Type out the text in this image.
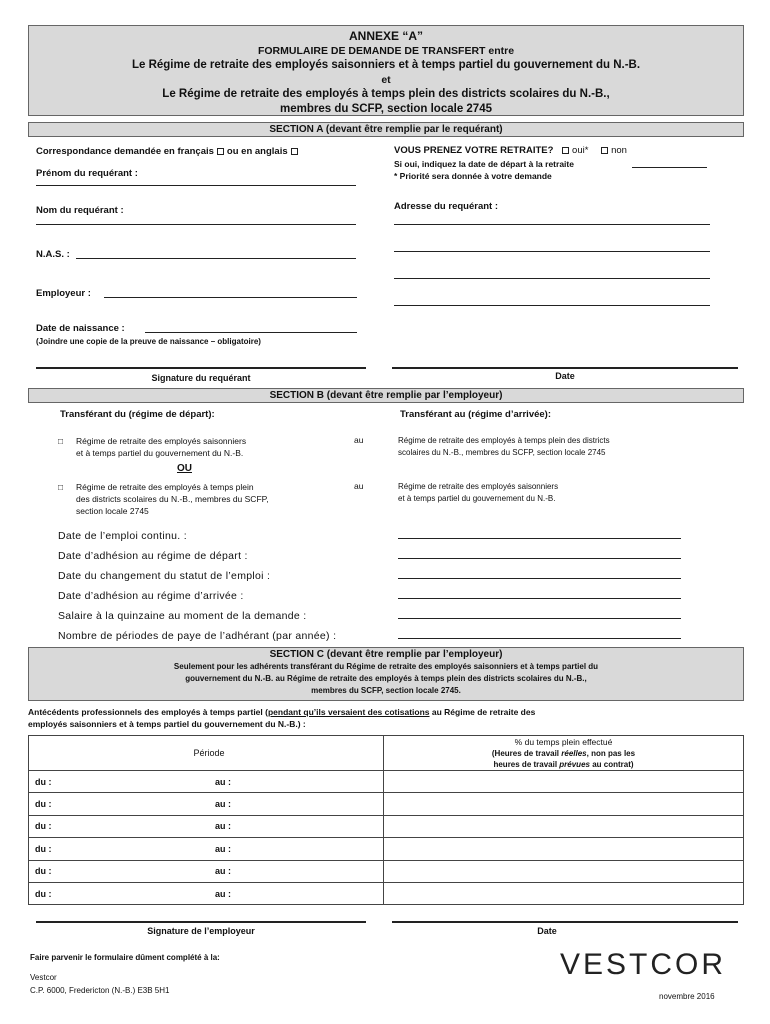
ANNEXE “A”
FORMULAIRE DE DEMANDE DE TRANSFERT entre
Le Régime de retraite des employés saisonniers et à temps partiel du gouvernement du N.-B.
et
Le Régime de retraite des employés à temps plein des districts scolaires du N.-B.,
membres du SCFP, section locale 2745
SECTION A (devant être remplie par le requérant)
Correspondance demandée en français ou en anglais
Prénom du requérant :
Nom du requérant :
N.A.S. :
Employeur :
Date de naissance :
(Joindre une copie de la preuve de naissance – obligatoire)
VOUS PRENEZ VOTRE RETRAITE? oui* non
Si oui, indiquez la date de départ à la retraite
* Priorité sera donnée à votre demande
Adresse du requérant :
Signature du requérant	Date
SECTION B (devant être remplie par l’employeur)
Transférant du (régime de départ):	Transférant au (régime d’arrivée):
□ Régime de retraite des employés saisonniers
et à temps partiel du gouvernement du N.-B.
au	Régime de retraite des employés à temps plein des districts
scolaires du N.-B., membres du SCFP, section locale 2745
OU
□ Régime de retraite des employés à temps plein
des districts scolaires du N.-B., membres du SCFP,
section locale 2745
au	Régime de retraite des employés saisonniers
et à temps partiel du gouvernement du N.-B.
Date de l’emploi continu. :
Date d’adhésion au régime de départ :
Date du changement du statut de l’emploi :
Date d’adhésion au régime d’arrivée :
Salaire à la quinzaine au moment de la demande :
Nombre de périodes de paye de l’adhérant (par année) :
SECTION C (devant être remplie par l’employeur)
Seulement pour les adhérents transférant du Régime de retraite des employés saisonniers et à temps partiel du
gouvernement du N.-B. au Régime de retraite des employés à temps plein des districts scolaires du N.-B.,
membres du SCFP, section locale 2745.
Antécédents professionnels des employés à temps partiel (pendant qu’ils versaient des cotisations au Régime de retraite des
employés saisonniers et à temps partiel du gouvernement du N.-B.) :
Période	% du temps plein effectué
(Heures de travail réelles, non pas les
heures de travail prévues au contrat)

du : au :	
du : au :	
du : au :	
du : au :	
du : au :	
du : au :	
Signature de l’employeur	Date
Faire parvenir le formulaire dûment complété à la:
Vestcor
C.P. 6000, Fredericton (N.-B.) E3B 5H1
VESTCOR
novembre 2016
